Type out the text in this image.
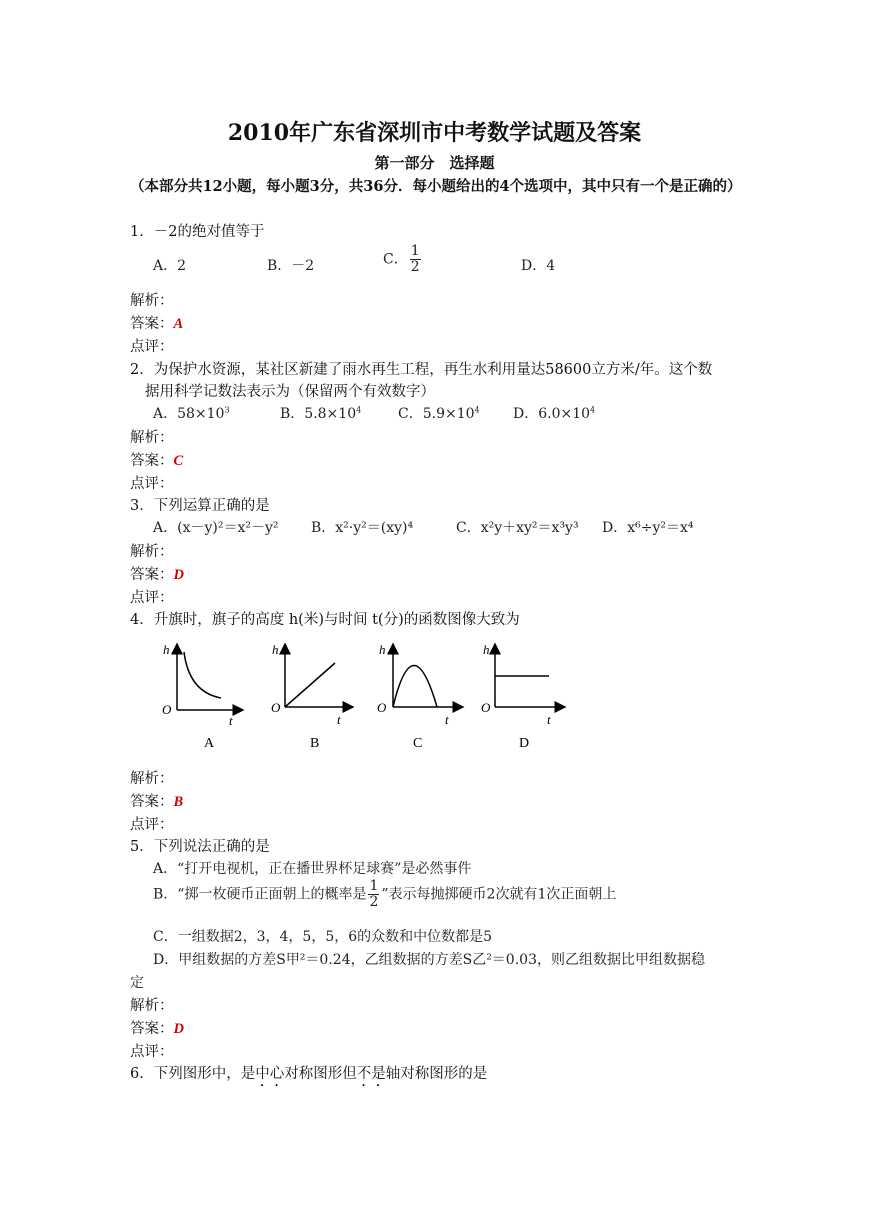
2010年广东省深圳市中考数学试题及答案
第一部分　选择题
（本部分共12小题，每小题3分，共36分．每小题给出的4个选项中，其中只有一个是正确的）
1．－2的绝对值等于
A．2	B．－2	C． $\frac{1}{2}$	D．4
解析：
答案：A
点评：
2．为保护水资源，某社区新建了雨水再生工程，再生水利用量达58600立方米/年。这个数
据用科学记数法表示为（保留两个有效数字）
A．$58\times 10^3$	B．$5.8\times 10^4$	C．$5.9\times 10^4$ D．$6.0\times 10^4$
解析：
答案：C
点评：
3．下列运算正确的是
A．(x－y)²＝x²－y² B．x²·y²＝(xy)⁴	C．x²y＋xy²＝x³y³ D．x⁶÷y²＝x⁴
解析：
答案：D
点评：
4．升旗时，旗子的高度 h(米)与时间 t(分)的函数图像大致为
h
O
t
A
h
O
t
B
h
O
t
C
h
O
t
D
解析：
答案：B
点评：
5．下列说法正确的是
A．“打开电视机，正在播世界杯足球赛”是必然事件
B．“掷一枚硬币正面朝上的概率是 $\frac{1}{2}$ ”表示每抛掷硬币2次就有1次正面朝上
C．一组数据2，3，4，5，5，6的众数和中位数都是5
D．甲组数据的方差S甲²＝0.24，乙组数据的方差S乙²＝0.03，则乙组数据比甲组数据稳
定
解析：
答案：D
点评：
6．下列图形中，是中心对称图形但不是轴对称图形的是
